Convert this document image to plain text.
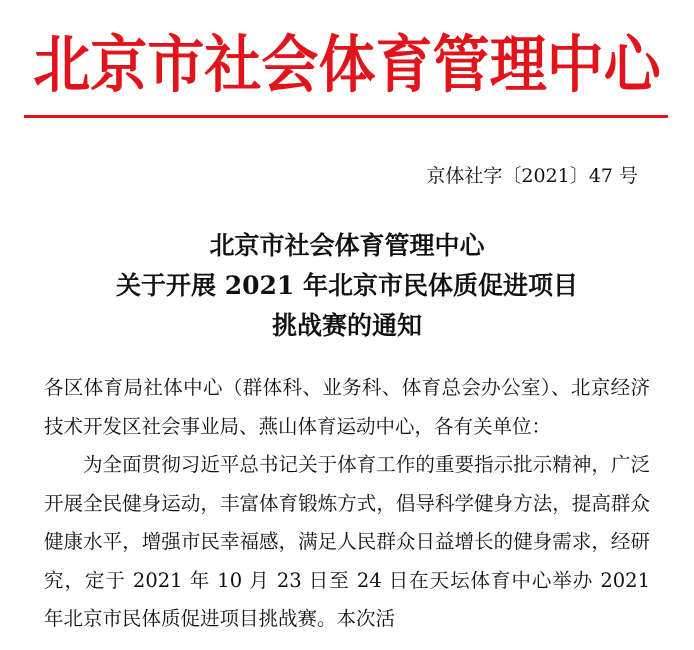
北京市社会体育管理中心
京体社字〔2021〕47 号
北京市社会体育管理中心
关于开展 2021 年北京市民体质促进项目
挑战赛的通知

各区体育局社体中心（群体科、业务科、体育总会办公室）、北京经济技术开发区社会事业局、燕山体育运动中心，各有关单位：

为全面贯彻习近平总书记关于体育工作的重要指示批示精神，广泛开展全民健身运动，丰富体育锻炼方式，倡导科学健身方法，提高群众健康水平，增强市民幸福感，满足人民群众日益增长的健身需求，经研究，定于 2021 年 10 月 23 日至 24 日在天坛体育中心举办 2021 年北京市民体质促进项目挑战赛。本次活
